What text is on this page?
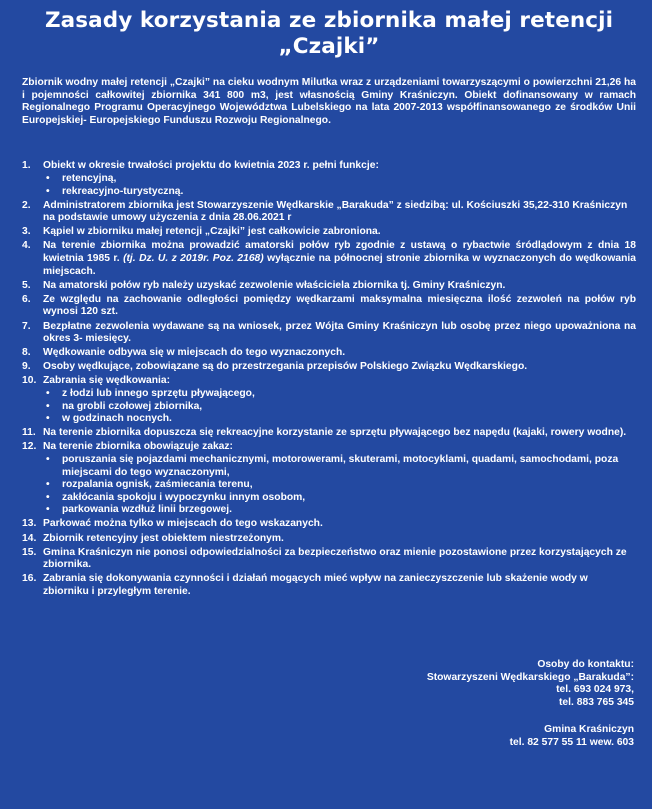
Zasady korzystania ze zbiornika małej retencji
„Czajki”

Zbiornik wodny małej retencji „Czajki” na cieku wodnym Milutka wraz z urządzeniami towarzyszącymi o powierzchni 21,26 ha i pojemności całkowitej zbiornika 341 800 m3, jest własnością Gminy Kraśniczyn. Obiekt dofinansowany w ramach Regionalnego Programu Operacyjnego Województwa Lubelskiego na lata 2007-2013 współfinansowanego ze środków Unii Europejskiej- Europejskiego Funduszu Rozwoju Regionalnego.

1.	Obiekt w okresie trwałości projektu do kwietnia 2023 r. pełni funkcje:
•	retencyjną,
•	rekreacyjno-turystyczną.
2.	Administratorem zbiornika jest Stowarzyszenie Wędkarskie „Barakuda” z siedzibą: ul. Kościuszki 35,22-310 Kraśniczyn na podstawie umowy użyczenia z dnia 28.06.2021 r
3.	Kąpiel w zbiorniku małej retencji „Czajki” jest całkowicie zabroniona.
4.	Na terenie zbiornika można prowadzić amatorski połów ryb zgodnie z ustawą o rybactwie śródlądowym z dnia 18 kwietnia 1985 r. (tj. Dz. U. z 2019r. Poz. 2168) wyłącznie na północnej stronie zbiornika w wyznaczonych do wędkowania miejscach.
5.	Na amatorski połów ryb należy uzyskać zezwolenie właściciela zbiornika tj. Gminy Kraśniczyn.
6.	Ze względu na zachowanie odległości pomiędzy wędkarzami maksymalna miesięczna ilość zezwoleń na połów ryb wynosi 120 szt.
7.	Bezpłatne zezwolenia wydawane są na wniosek, przez Wójta Gminy Kraśniczyn lub osobę przez niego upoważniona na okres 3- miesięcy.
8.	Wędkowanie odbywa się w miejscach do tego wyznaczonych.
9.	Osoby wędkujące, zobowiązane są do przestrzegania przepisów Polskiego Związku Wędkarskiego.
10. Zabrania się wędkowania:
•	z łodzi lub innego sprzętu pływającego,
•	na grobli czołowej zbiornika,
•	w godzinach nocnych.
11. Na terenie zbiornika dopuszcza się rekreacyjne korzystanie ze sprzętu pływającego bez napędu (kajaki, rowery wodne).
12. Na terenie zbiornika obowiązuje zakaz:
•	poruszania się pojazdami mechanicznymi, motorowerami, skuterami, motocyklami, quadami, samochodami, poza miejscami do tego wyznaczonymi,
•	rozpalania ognisk, zaśmiecania terenu,
•	zakłócania spokoju i wypoczynku innym osobom,
•	parkowania wzdłuż linii brzegowej.
13. Parkować można tylko w miejscach do tego wskazanych.
14. Zbiornik retencyjny jest obiektem niestrzeżonym.
15. Gmina Kraśniczyn nie ponosi odpowiedzialności za bezpieczeństwo oraz mienie pozostawione przez korzystających ze zbiornika.
16. Zabrania się dokonywania czynności i działań mogących mieć wpływ na zanieczyszczenie lub skażenie wody w zbiorniku i przyległym terenie.
Osoby do kontaktu:
Stowarzyszeni Wędkarskiego „Barakuda”:
tel. 693 024 973,
tel. 883 765 345
Gmina Kraśniczyn
tel. 82 577 55 11 wew. 603
